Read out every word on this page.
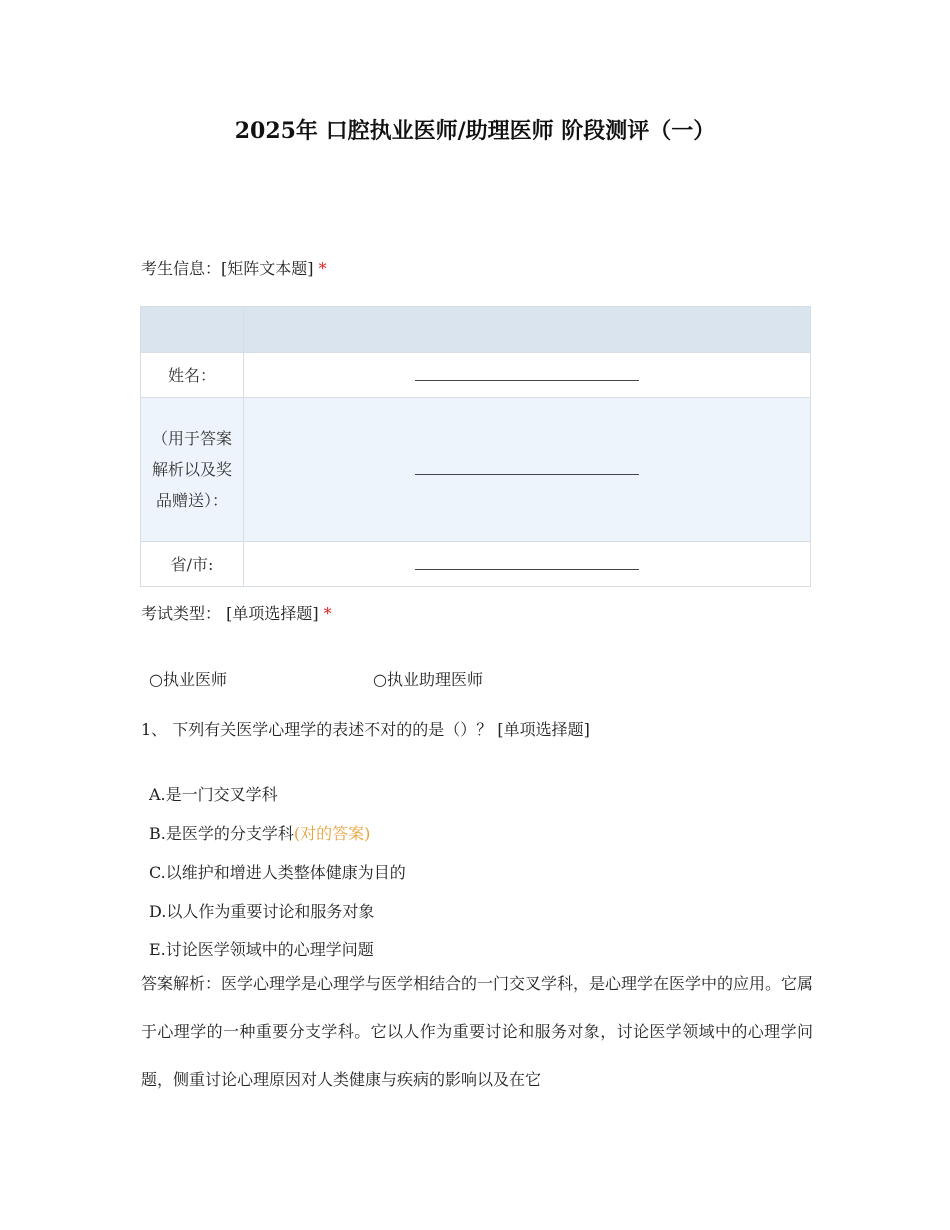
2025年 口腔执业医师/助理医师 阶段测评（一）
考生信息：[矩阵文本题] *

姓名：	
（用于答案解析以及奖品赠送）：	
省/市:	
考试类型： [单项选择题] *
○执业医师	○执业助理医师
1、 下列有关医学心理学的表述不对的的是（）？ [单项选择题]
A.是一门交叉学科
B.是医学的分支学科(对的答案)
C.以维护和增进人类整体健康为目的
D.以人作为重要讨论和服务对象
E.讨论医学领域中的心理学问题
答案解析：医学心理学是心理学与医学相结合的一门交叉学科，是心理学在医学中的应用。它属于心理学的一种重要分支学科。它以人作为重要讨论和服务对象，讨论医学领域中的心理学问题，侧重讨论心理原因对人类健康与疾病的影响以及在它
